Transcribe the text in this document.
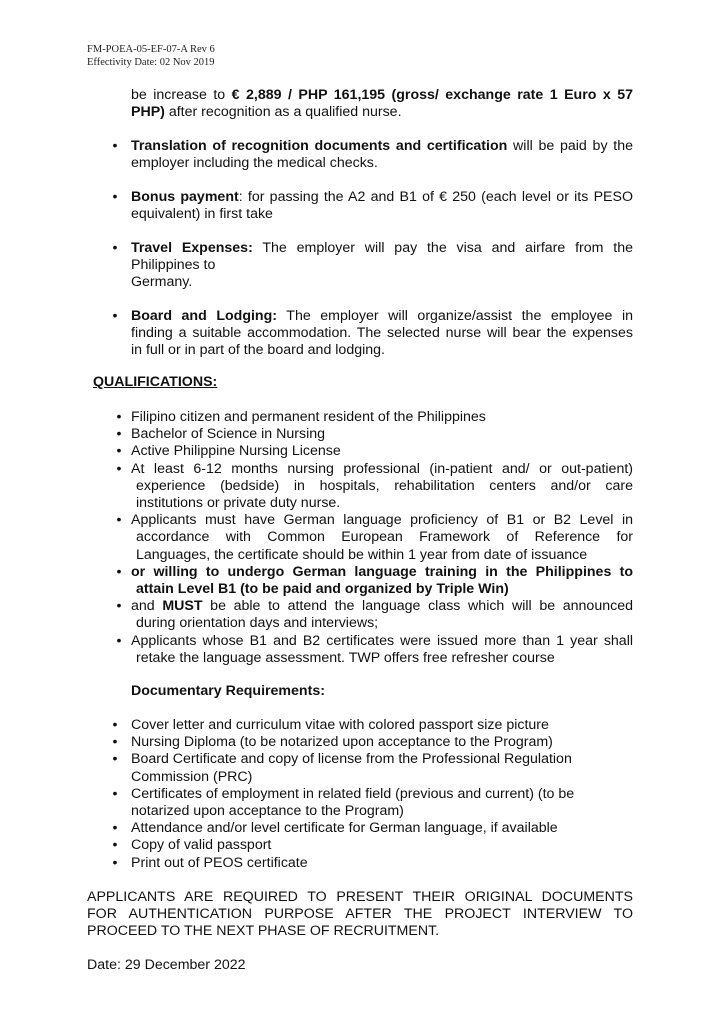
FM-POEA-05-EF-07-A Rev 6
Effectivity Date: 02 Nov 2019
be increase to € 2,889 / PHP 161,195 (gross/ exchange rate 1 Euro x 57
PHP) after recognition as a qualified nurse.
• Translation of recognition documents and certification will be paid by the
employer including the medical checks.
• Bonus payment: for passing the A2 and B1 of € 250 (each level or its PESO
equivalent) in first take
• Travel Expenses: The employer will pay the visa and airfare from the
Philippines to
Germany.
• Board and Lodging: The employer will organize/assist the employee in
finding a suitable accommodation. The selected nurse will bear the expenses
in full or in part of the board and lodging.
QUALIFICATIONS:
• Filipino citizen and permanent resident of the Philippines
• Bachelor of Science in Nursing
• Active Philippine Nursing License
• At least 6-12 months nursing professional (in-patient and/ or out-patient)
experience (bedside) in hospitals, rehabilitation centers and/or care
institutions or private duty nurse.
• Applicants must have German language proficiency of B1 or B2 Level in
accordance with Common European Framework of Reference for
Languages, the certificate should be within 1 year from date of issuance
• or willing to undergo German language training in the Philippines to
attain Level B1 (to be paid and organized by Triple Win)
• and MUST be able to attend the language class which will be announced
during orientation days and interviews;
• Applicants whose B1 and B2 certificates were issued more than 1 year shall
retake the language assessment. TWP offers free refresher course
Documentary Requirements:
• Cover letter and curriculum vitae with colored passport size picture
• Nursing Diploma (to be notarized upon acceptance to the Program)
• Board Certificate and copy of license from the Professional Regulation
Commission (PRC)
• Certificates of employment in related field (previous and current) (to be
notarized upon acceptance to the Program)
• Attendance and/or level certificate for German language, if available
• Copy of valid passport
• Print out of PEOS certificate
APPLICANTS ARE REQUIRED TO PRESENT THEIR ORIGINAL DOCUMENTS
FOR AUTHENTICATION PURPOSE AFTER THE PROJECT INTERVIEW TO
PROCEED TO THE NEXT PHASE OF RECRUITMENT.
Date: 29 December 2022
